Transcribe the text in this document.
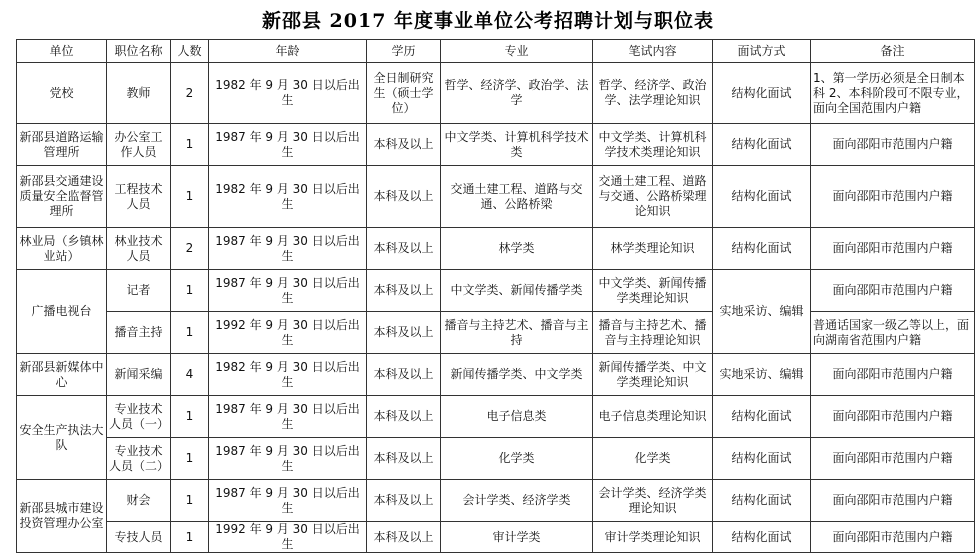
新邵县 2017 年度事业单位公考招聘计划与职位表
单位	职位名称	人数	年龄	学历	专业	笔试内容	面试方式	备注
党校	教师	2	1982 年 9 月 30 日以后出生	全日制研究生（硕士学位）	哲学、经济学、政治学、法学	哲学、经济学、政治学、法学理论知识	结构化面试	1、第一学历必须是全日制本科 2、本科阶段可不限专业，面向全国范围内户籍
新邵县道路运输管理所	办公室工作人员	1	1987 年 9 月 30 日以后出生	本科及以上	中文学类、计算机科学技术类	中文学类、计算机科学技术类理论知识	结构化面试	面向邵阳市范围内户籍
新邵县交通建设质量安全监督管理所	工程技术人员	1	1982 年 9 月 30 日以后出生	本科及以上	交通土建工程、道路与交通、公路桥梁	交通土建工程、道路与交通、公路桥梁理论知识	结构化面试	面向邵阳市范围内户籍
林业局（乡镇林业站）	林业技术人员	2	1987 年 9 月 30 日以后出生	本科及以上	林学类	林学类理论知识	结构化面试	面向邵阳市范围内户籍
广播电视台	记者	1	1987 年 9 月 30 日以后出生	本科及以上	中文学类、新闻传播学类	中文学类、新闻传播学类理论知识	实地采访、编辑	面向邵阳市范围内户籍
	播音主持	1	1992 年 9 月 30 日以后出生	本科及以上	播音与主持艺术、播音与主持	播音与主持艺术、播音与主持理论知识		普通话国家一级乙等以上，面向湖南省范围内户籍
新邵县新媒体中心	新闻采编	4	1982 年 9 月 30 日以后出生	本科及以上	新闻传播学类、中文学类	新闻传播学类、中文学类理论知识	实地采访、编辑	面向邵阳市范围内户籍
安全生产执法大队	专业技术人员（一）	1	1987 年 9 月 30 日以后出生	本科及以上	电子信息类	电子信息类理论知识	结构化面试	面向邵阳市范围内户籍
	专业技术人员（二）	1	1987 年 9 月 30 日以后出生	本科及以上	化学类	化学类	结构化面试	面向邵阳市范围内户籍
新邵县城市建设投资管理办公室	财会	1	1987 年 9 月 30 日以后出生	本科及以上	会计学类、经济学类	会计学类、经济学类理论知识	结构化面试	面向邵阳市范围内户籍
	专技人员	1	1992 年 9 月 30 日以后出生	本科及以上	审计学类	审计学类理论知识	结构化面试	面向邵阳市范围内户籍
